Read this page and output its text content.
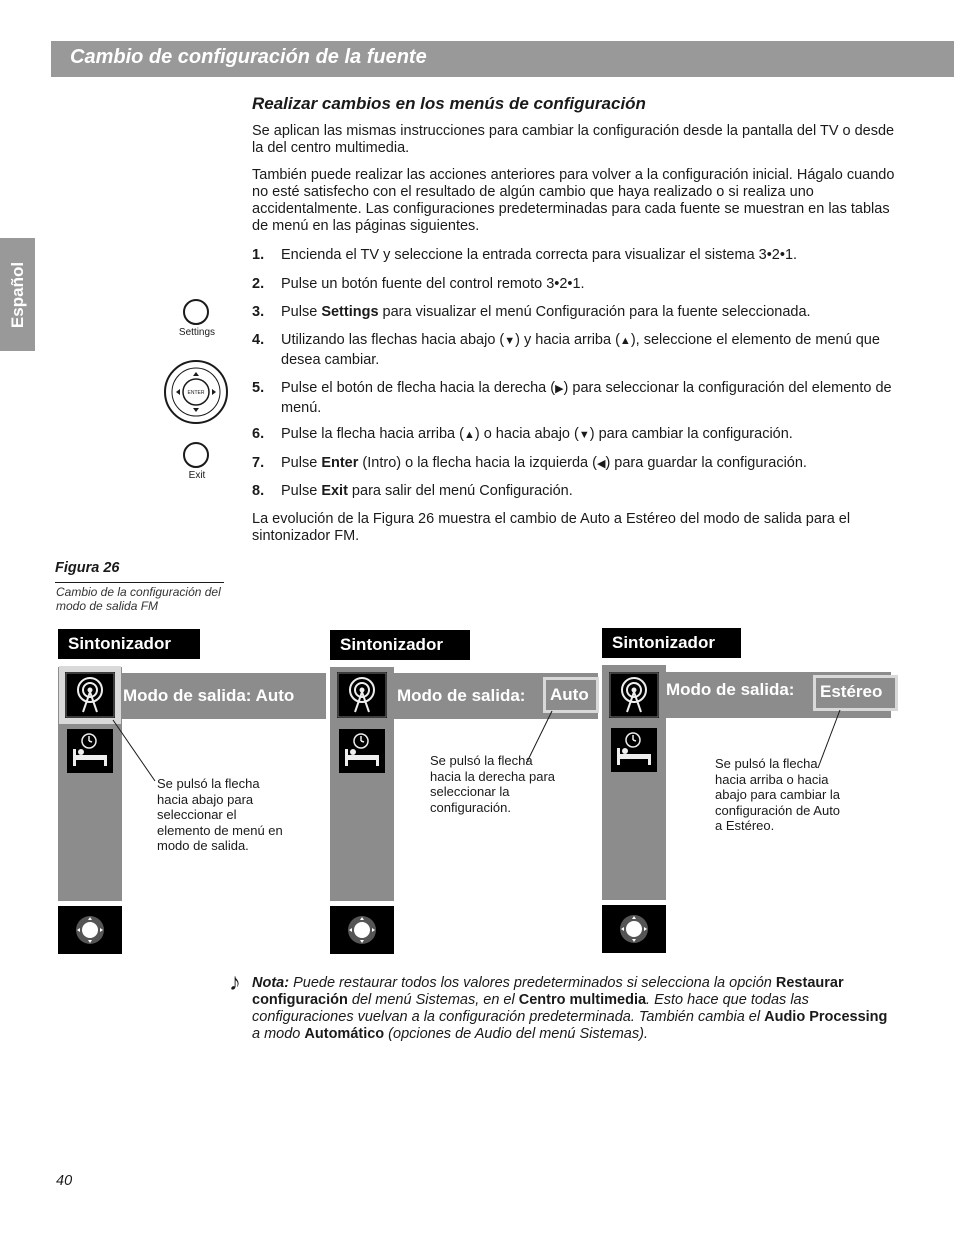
Cambio de configuración de la fuente
Español
Realizar cambios en los menús de configuración
Se aplican las mismas instrucciones para cambiar la configuración desde la pantalla del TV o desde la del centro multimedia.
También puede realizar las acciones anteriores para volver a la configuración inicial. Hágalo cuando no esté satisfecho con el resultado de algún cambio que haya realizado o si realiza uno accidentalmente. Las configuraciones predeterminadas para cada fuente se muestran en las tablas de menú en las páginas siguientes.
1. Encienda el TV y seleccione la entrada correcta para visualizar el sistema 3•2•1.
2. Pulse un botón fuente del control remoto 3•2•1.
3. Pulse Settings para visualizar el menú Configuración para la fuente seleccionada.
4. Utilizando las flechas hacia abajo (▼) y hacia arriba (▲), seleccione el elemento de menú que desea cambiar.
5. Pulse el botón de flecha hacia la derecha (▶) para seleccionar la configuración del elemento de menú.
6. Pulse la flecha hacia arriba (▲) o hacia abajo (▼) para cambiar la configuración.
7. Pulse Enter (Intro) o la flecha hacia la izquierda (◀) para guardar la configuración.
8. Pulse Exit para salir del menú Configuración.
La evolución de la Figura 26 muestra el cambio de Auto a Estéreo del modo de salida para el sintonizador FM.
Settings
ENTER
Exit
Figura 26
Cambio de la configuración del modo de salida FM
Sintonizador
Modo de salida: Auto
Se pulsó la flecha hacia abajo para seleccionar el elemento de menú en modo de salida.
Sintonizador
Modo de salida:	Auto
Se pulsó la flecha hacia la derecha para seleccionar la configuración.
Sintonizador
Modo de salida:	Estéreo
Se pulsó la flecha hacia arriba o hacia abajo para cambiar la configuración de Auto a Estéreo.
♪ Nota: Puede restaurar todos los valores predeterminados si selecciona la opción Restaurar configuración del menú Sistemas, en el Centro multimedia. Esto hace que todas las configuraciones vuelvan a la configuración predeterminada. También cambia el Audio Processing a modo Automático (opciones de Audio del menú Sistemas).
40
